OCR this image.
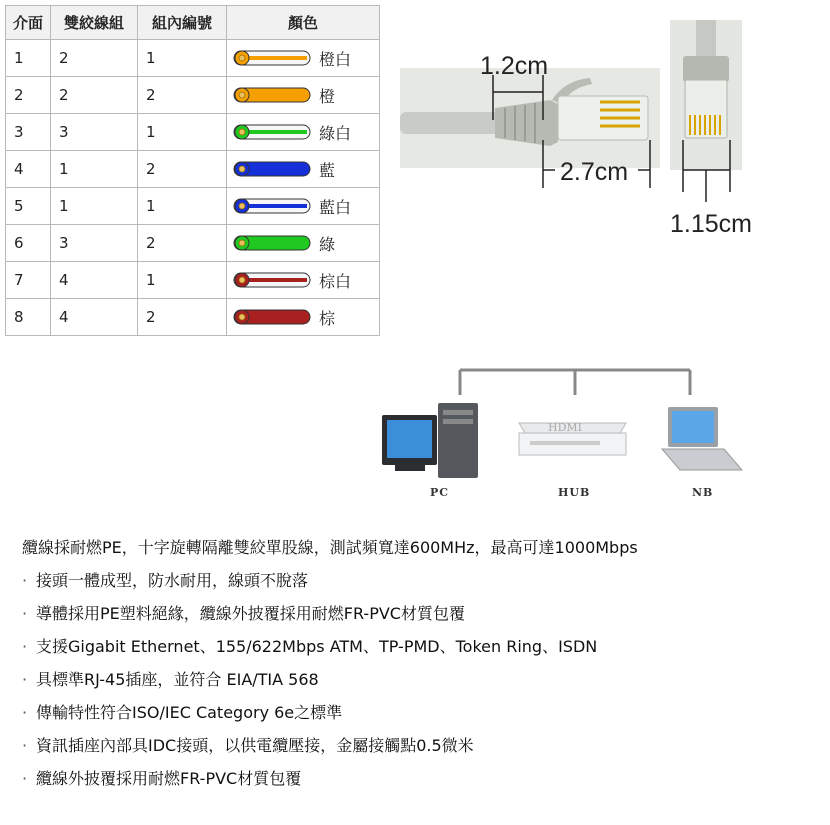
介面	雙絞線組	組內編號	顏色
1	2	1	橙白

2	2	2	橙

3	3	1	綠白

4	1	2	藍

5	1	1	藍白

6	3	2	綠

7	4	1	棕白

8	4	2	棕
1.2cm
2.7cm
1.15cm
PC
HDMI
HUB	NB

纜線採耐燃PE，十字旋轉隔離雙絞單股線，測試頻寬達600MHz，最高可達1000Mbps

· 接頭一體成型，防水耐用，線頭不脫落
· 導體採用PE塑料絕緣，纜線外披覆採用耐燃FR-PVC材質包覆
· 支援Gigabit Ethernet、155/622Mbps ATM、TP-PMD、Token Ring、ISDN
· 具標準RJ-45插座，並符合 EIA/TIA 568
· 傳輸特性符合ISO/IEC Category 6e之標準
· 資訊插座內部具IDC接頭，以供電纜壓接，金屬接觸點0.5微米
· 纜線外披覆採用耐燃FR-PVC材質包覆
